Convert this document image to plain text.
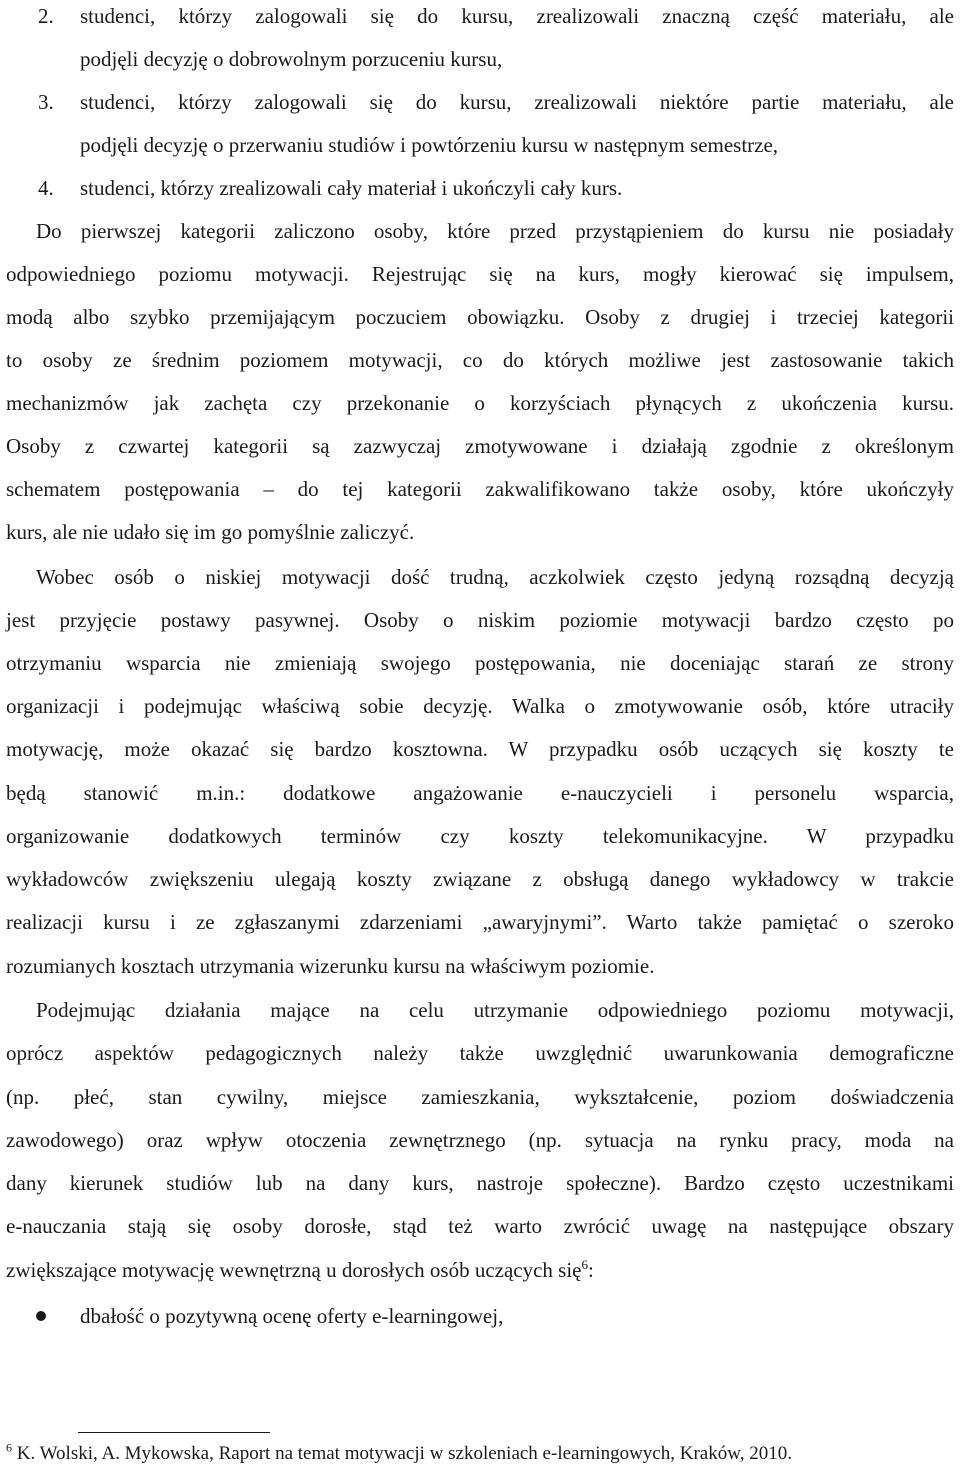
2. studenci, którzy zalogowali się do kursu, zrealizowali znaczną część materiału, ale
podjęli decyzję o dobrowolnym porzuceniu kursu,
3. studenci, którzy zalogowali się do kursu, zrealizowali niektóre partie materiału, ale
podjęli decyzję o przerwaniu studiów i powtórzeniu kursu w następnym semestrze,
4. studenci, którzy zrealizowali cały materiał i ukończyli cały kurs.
Do pierwszej kategorii zaliczono osoby, które przed przystąpieniem do kursu nie posiadały
odpowiedniego poziomu motywacji. Rejestrując się na kurs, mogły kierować się impulsem,
modą albo szybko przemijającym poczuciem obowiązku. Osoby z drugiej i trzeciej kategorii
to osoby ze średnim poziomem motywacji, co do których możliwe jest zastosowanie takich
mechanizmów jak zachęta czy przekonanie o korzyściach płynących z ukończenia kursu.
Osoby z czwartej kategorii są zazwyczaj zmotywowane i działają zgodnie z określonym
schematem postępowania – do tej kategorii zakwalifikowano także osoby, które ukończyły
kurs, ale nie udało się im go pomyślnie zaliczyć.
Wobec osób o niskiej motywacji dość trudną, aczkolwiek często jedyną rozsądną decyzją
jest przyjęcie postawy pasywnej. Osoby o niskim poziomie motywacji bardzo często po
otrzymaniu wsparcia nie zmieniają swojego postępowania, nie doceniając starań ze strony
organizacji i podejmując właściwą sobie decyzję. Walka o zmotywowanie osób, które utraciły
motywację, może okazać się bardzo kosztowna. W przypadku osób uczących się koszty te
będą stanowić m.in.: dodatkowe angażowanie e-nauczycieli i personelu wsparcia,
organizowanie dodatkowych terminów czy koszty telekomunikacyjne. W przypadku
wykładowców zwiększeniu ulegają koszty związane z obsługą danego wykładowcy w trakcie
realizacji kursu i ze zgłaszanymi zdarzeniami „awaryjnymi”. Warto także pamiętać o szeroko
rozumianych kosztach utrzymania wizerunku kursu na właściwym poziomie.
Podejmując działania mające na celu utrzymanie odpowiedniego poziomu motywacji,
oprócz aspektów pedagogicznych należy także uwzględnić uwarunkowania demograficzne
(np. płeć, stan cywilny, miejsce zamieszkania, wykształcenie, poziom doświadczenia
zawodowego) oraz wpływ otoczenia zewnętrznego (np. sytuacja na rynku pracy, moda na
dany kierunek studiów lub na dany kurs, nastroje społeczne). Bardzo często uczestnikami
e-nauczania stają się osoby dorosłe, stąd też warto zwrócić uwagę na następujące obszary
zwiększające motywację wewnętrzną u dorosłych osób uczących się$^6$:
dbałość o pozytywną ocenę oferty e-learningowej,
$^6$ K. Wolski, A. Mykowska, Raport na temat motywacji w szkoleniach e-learningowych, Kraków, 2010.
